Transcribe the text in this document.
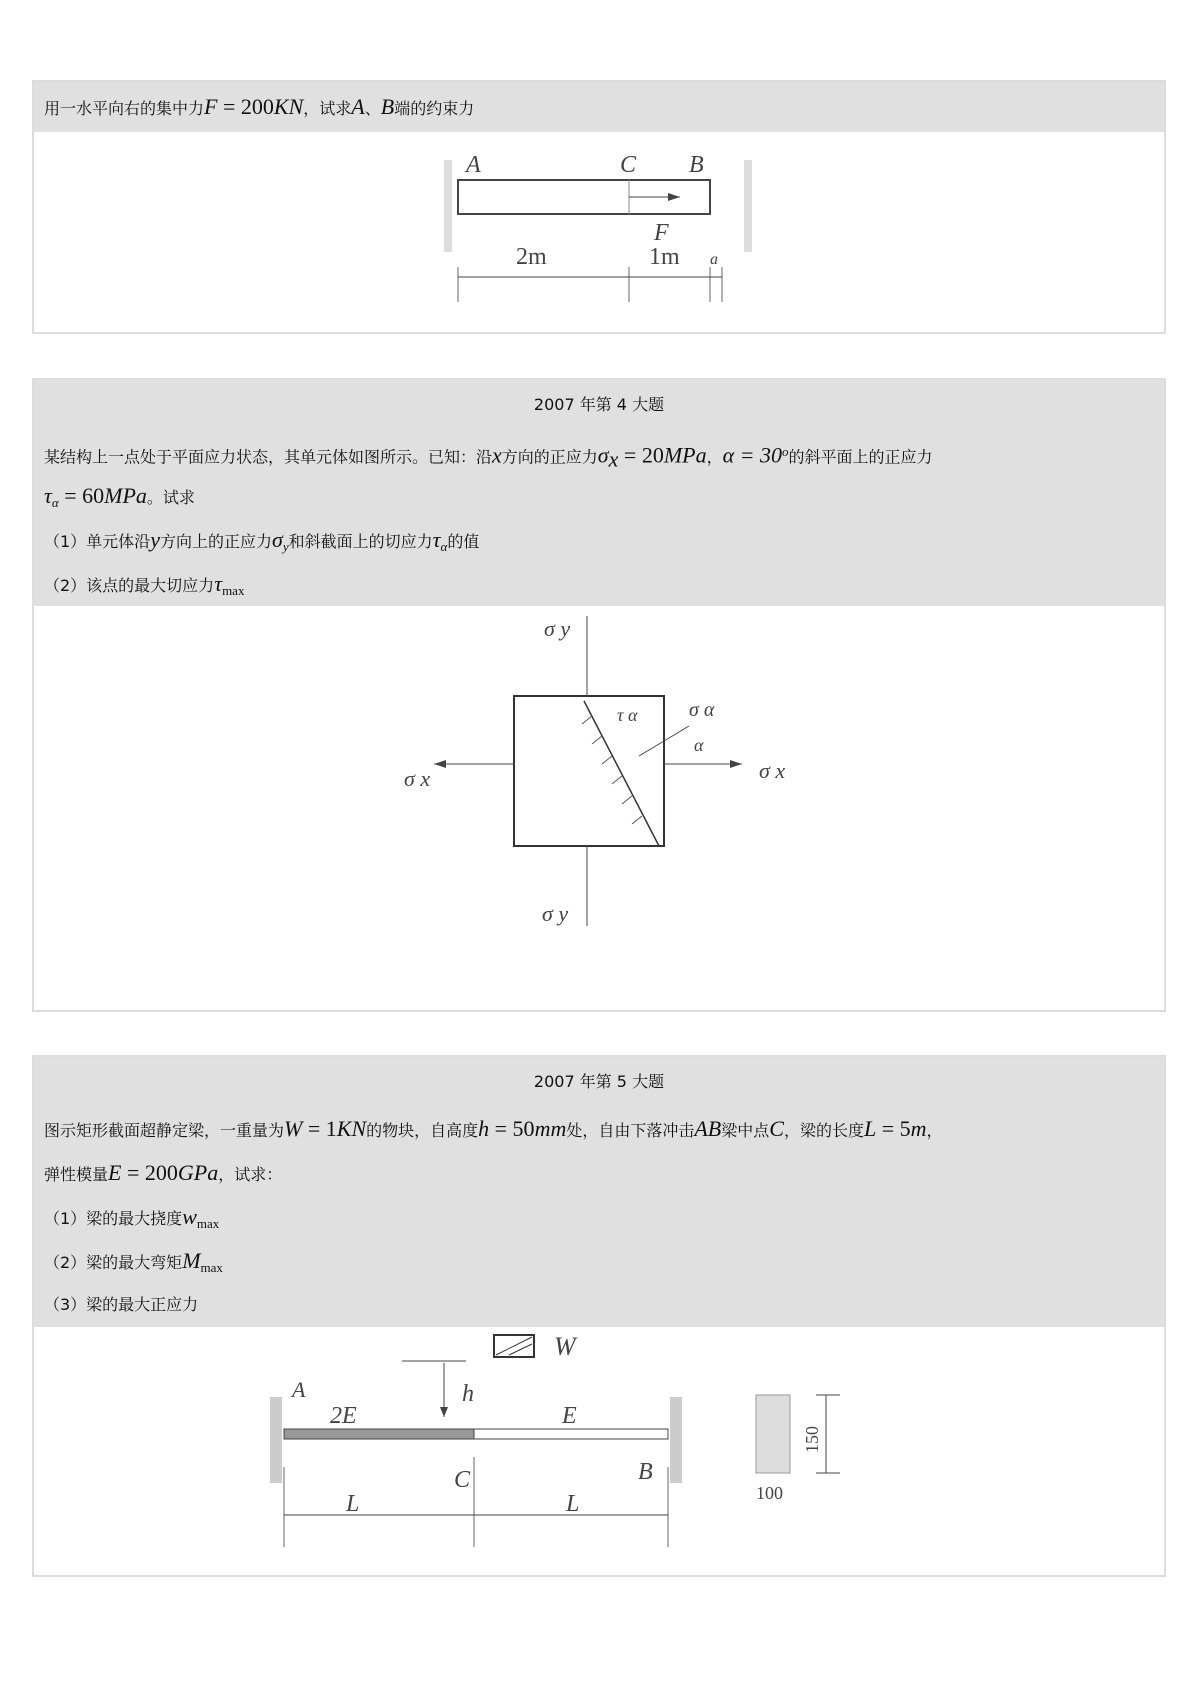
用一水平向右的集中力F = 200KN，试求A、B端的约束力
A	C B
F
2m	1m a
2007 年第 4 大题
某结构上一点处于平面应力状态，其单元体如图所示。已知：沿x方向的正应力$\sigma_x = 20MPa$，$\alpha = 30^o$的斜平面上的正应力
$\tau_\alpha = 60MPa$。试求
（1）单元体沿y方向上的正应力$\sigma_y$和斜截面上的切应力$\tau_\alpha$的值
（2）该点的最大切应力$\tau_{max}$
σ y
σ x	σ x
σ y
τ α	σ α
α
2007 年第 5 大题
图示矩形截面超静定梁，一重量为W = 1KN的物块，自高度h = 50mm处，自由下落冲击AB梁中点C，梁的长度L = 5m，
弹性模量E = 200GPa，试求：
（1）梁的最大挠度$w_{max}$
（2）梁的最大弯矩$M_{max}$
（3）梁的最大正应力
W
h
A
2E	E
C	B
L	L
150
100
